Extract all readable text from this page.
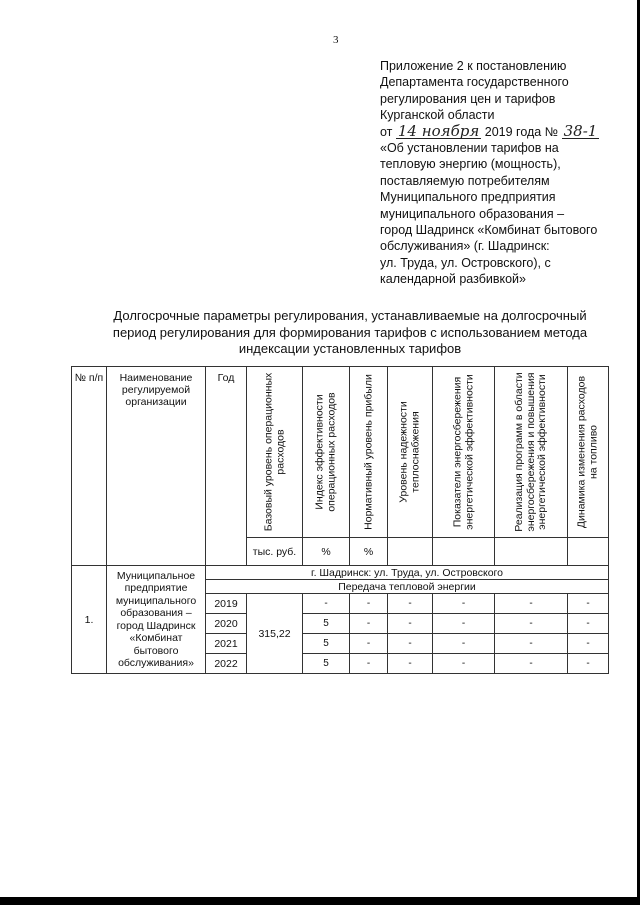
3
Приложение 2 к постановлению
Департамента государственного
регулирования цен и тарифов
Курганской области
от 14 ноября 2019 года № 38-1
«Об установлении тарифов на
тепловую энергию (мощность),
поставляемую потребителям
Муниципального предприятия
муниципального образования –
город Шадринск «Комбинат бытового
обслуживания» (г. Шадринск:
ул. Труда, ул. Островского), с
календарной разбивкой»
Долгосрочные параметры регулирования, устанавливаемые на долгосрочный
период регулирования для формирования тарифов с использованием метода
индексации установленных тарифов
№ п/п	Наименование регулируемой организации	Год	Базовый уровень операционных расходов	Индекс эффективности операционных расходов	Нормативный уровень прибыли	Уровень надежности теплоснабжения	Показатели энергосбережения энергетической эффективности	Реализация программ в области энергосбережения и повышения энергетической эффективности	Динамика изменения расходов на топливо

			тыс. руб.	%	%				
1.	Муниципальное предприятие муниципального образования – город Шадринск «Комбинат бытового обслуживания»	г. Шадринск: ул. Труда, ул. Островского							
		Передача тепловой энергии							
		2019	315,22	-	-	-	-	-	-
		2020		5	-	-	-	-	-
		2021		5	-	-	-	-	-
		2022		5	-	-	-	-	-
